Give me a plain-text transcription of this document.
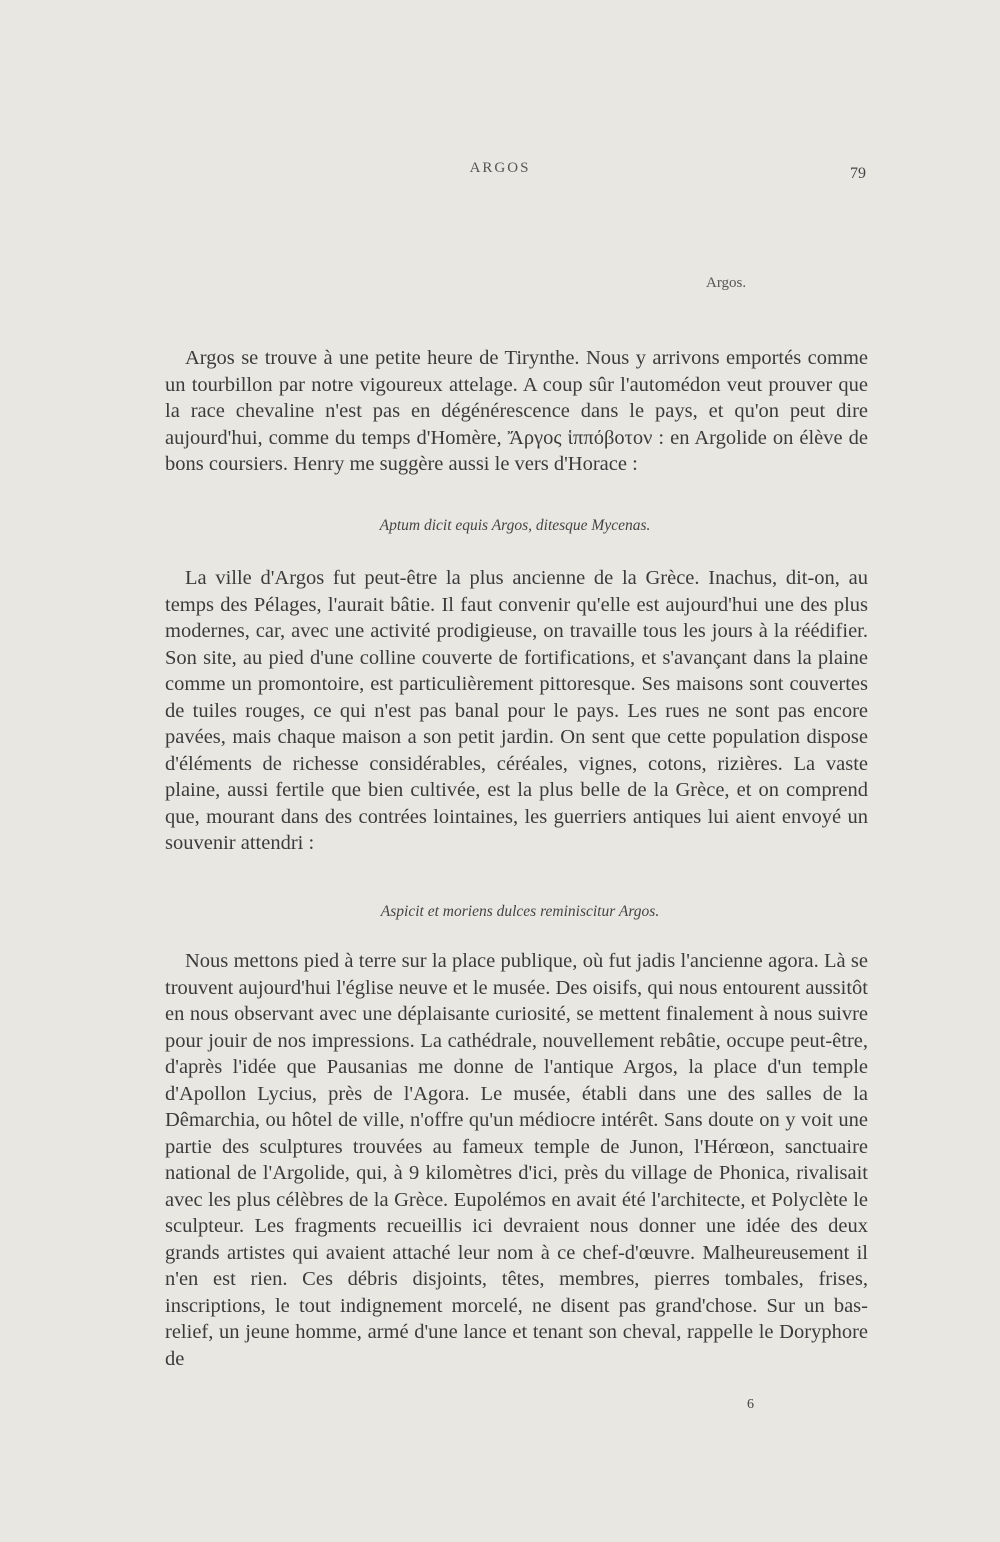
ARGOS	79
Argos.

Argos se trouve à une petite heure de Tirynthe. Nous y arrivons emportés comme un tourbillon par notre vigoureux attelage. A coup sûr l'automédon veut prouver que la race chevaline n'est pas en dégénérescence dans le pays, et qu'on peut dire aujourd'hui, comme du temps d'Homère, Ἄργος ἱππόβοτον : en Argolide on élève de bons coursiers. Henry me suggère aussi le vers d'Horace :

Aptum dicit equis Argos, ditesque Mycenas.

La ville d'Argos fut peut-être la plus ancienne de la Grèce. Inachus, dit-on, au temps des Pélages, l'aurait bâtie. Il faut convenir qu'elle est aujourd'hui une des plus modernes, car, avec une activité prodigieuse, on travaille tous les jours à la réédifier. Son site, au pied d'une colline couverte de fortifications, et s'avançant dans la plaine comme un promontoire, est particulièrement pittoresque. Ses maisons sont couvertes de tuiles rouges, ce qui n'est pas banal pour le pays. Les rues ne sont pas encore pavées, mais chaque maison a son petit jardin. On sent que cette population dispose d'éléments de richesse considérables, céréales, vignes, cotons, rizières. La vaste plaine, aussi fertile que bien cultivée, est la plus belle de la Grèce, et on comprend que, mourant dans des contrées lointaines, les guerriers antiques lui aient envoyé un souvenir attendri :

Aspicit et moriens dulces reminiscitur Argos.

Nous mettons pied à terre sur la place publique, où fut jadis l'ancienne agora. Là se trouvent aujourd'hui l'église neuve et le musée. Des oisifs, qui nous entourent aussitôt en nous observant avec une déplaisante curiosité, se mettent finalement à nous suivre pour jouir de nos impressions. La cathédrale, nouvellement rebâtie, occupe peut-être, d'après l'idée que Pausanias me donne de l'antique Argos, la place d'un temple d'Apollon Lycius, près de l'Agora. Le musée, établi dans une des salles de la Dêmarchia, ou hôtel de ville, n'offre qu'un médiocre intérêt. Sans doute on y voit une partie des sculptures trouvées au fameux temple de Junon, l'Hérœon, sanctuaire national de l'Argolide, qui, à 9 kilomètres d'ici, près du village de Phonica, rivalisait avec les plus célèbres de la Grèce. Eupolémos en avait été l'architecte, et Polyclète le sculpteur. Les fragments recueillis ici devraient nous donner une idée des deux grands artistes qui avaient attaché leur nom à ce chef-d'œuvre. Malheureusement il n'en est rien. Ces débris disjoints, têtes, membres, pierres tombales, frises, inscriptions, le tout indignement morcelé, ne disent pas grand'chose. Sur un bas-relief, un jeune homme, armé d'une lance et tenant son cheval, rappelle le Doryphore de

6
